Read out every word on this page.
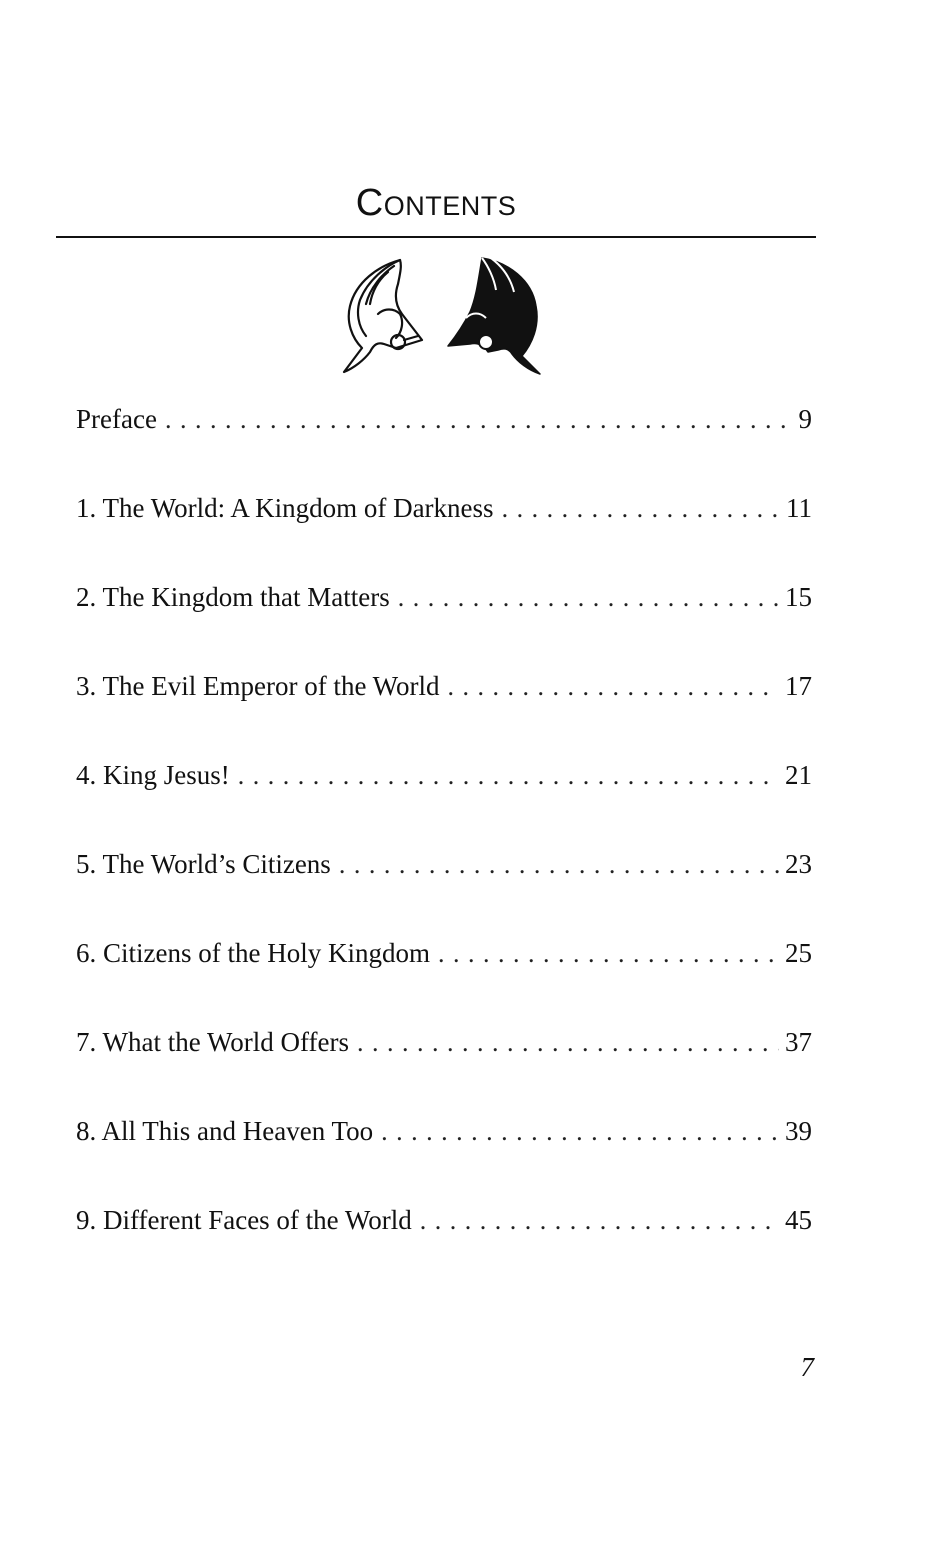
Contents
Preface . . .	9
1. The World: A Kingdom of Darkness . . .	11
2. The Kingdom that Matters . . .	15
3. The Evil Emperor of the World . . .	17
4. King Jesus! . . .	21
5. The World’s Citizens . . .	23
6. Citizens of the Holy Kingdom . . .	25
7. What the World Offers . . .	37
8. All This and Heaven Too . . .	39
9. Different Faces of the World . . .	45
7
